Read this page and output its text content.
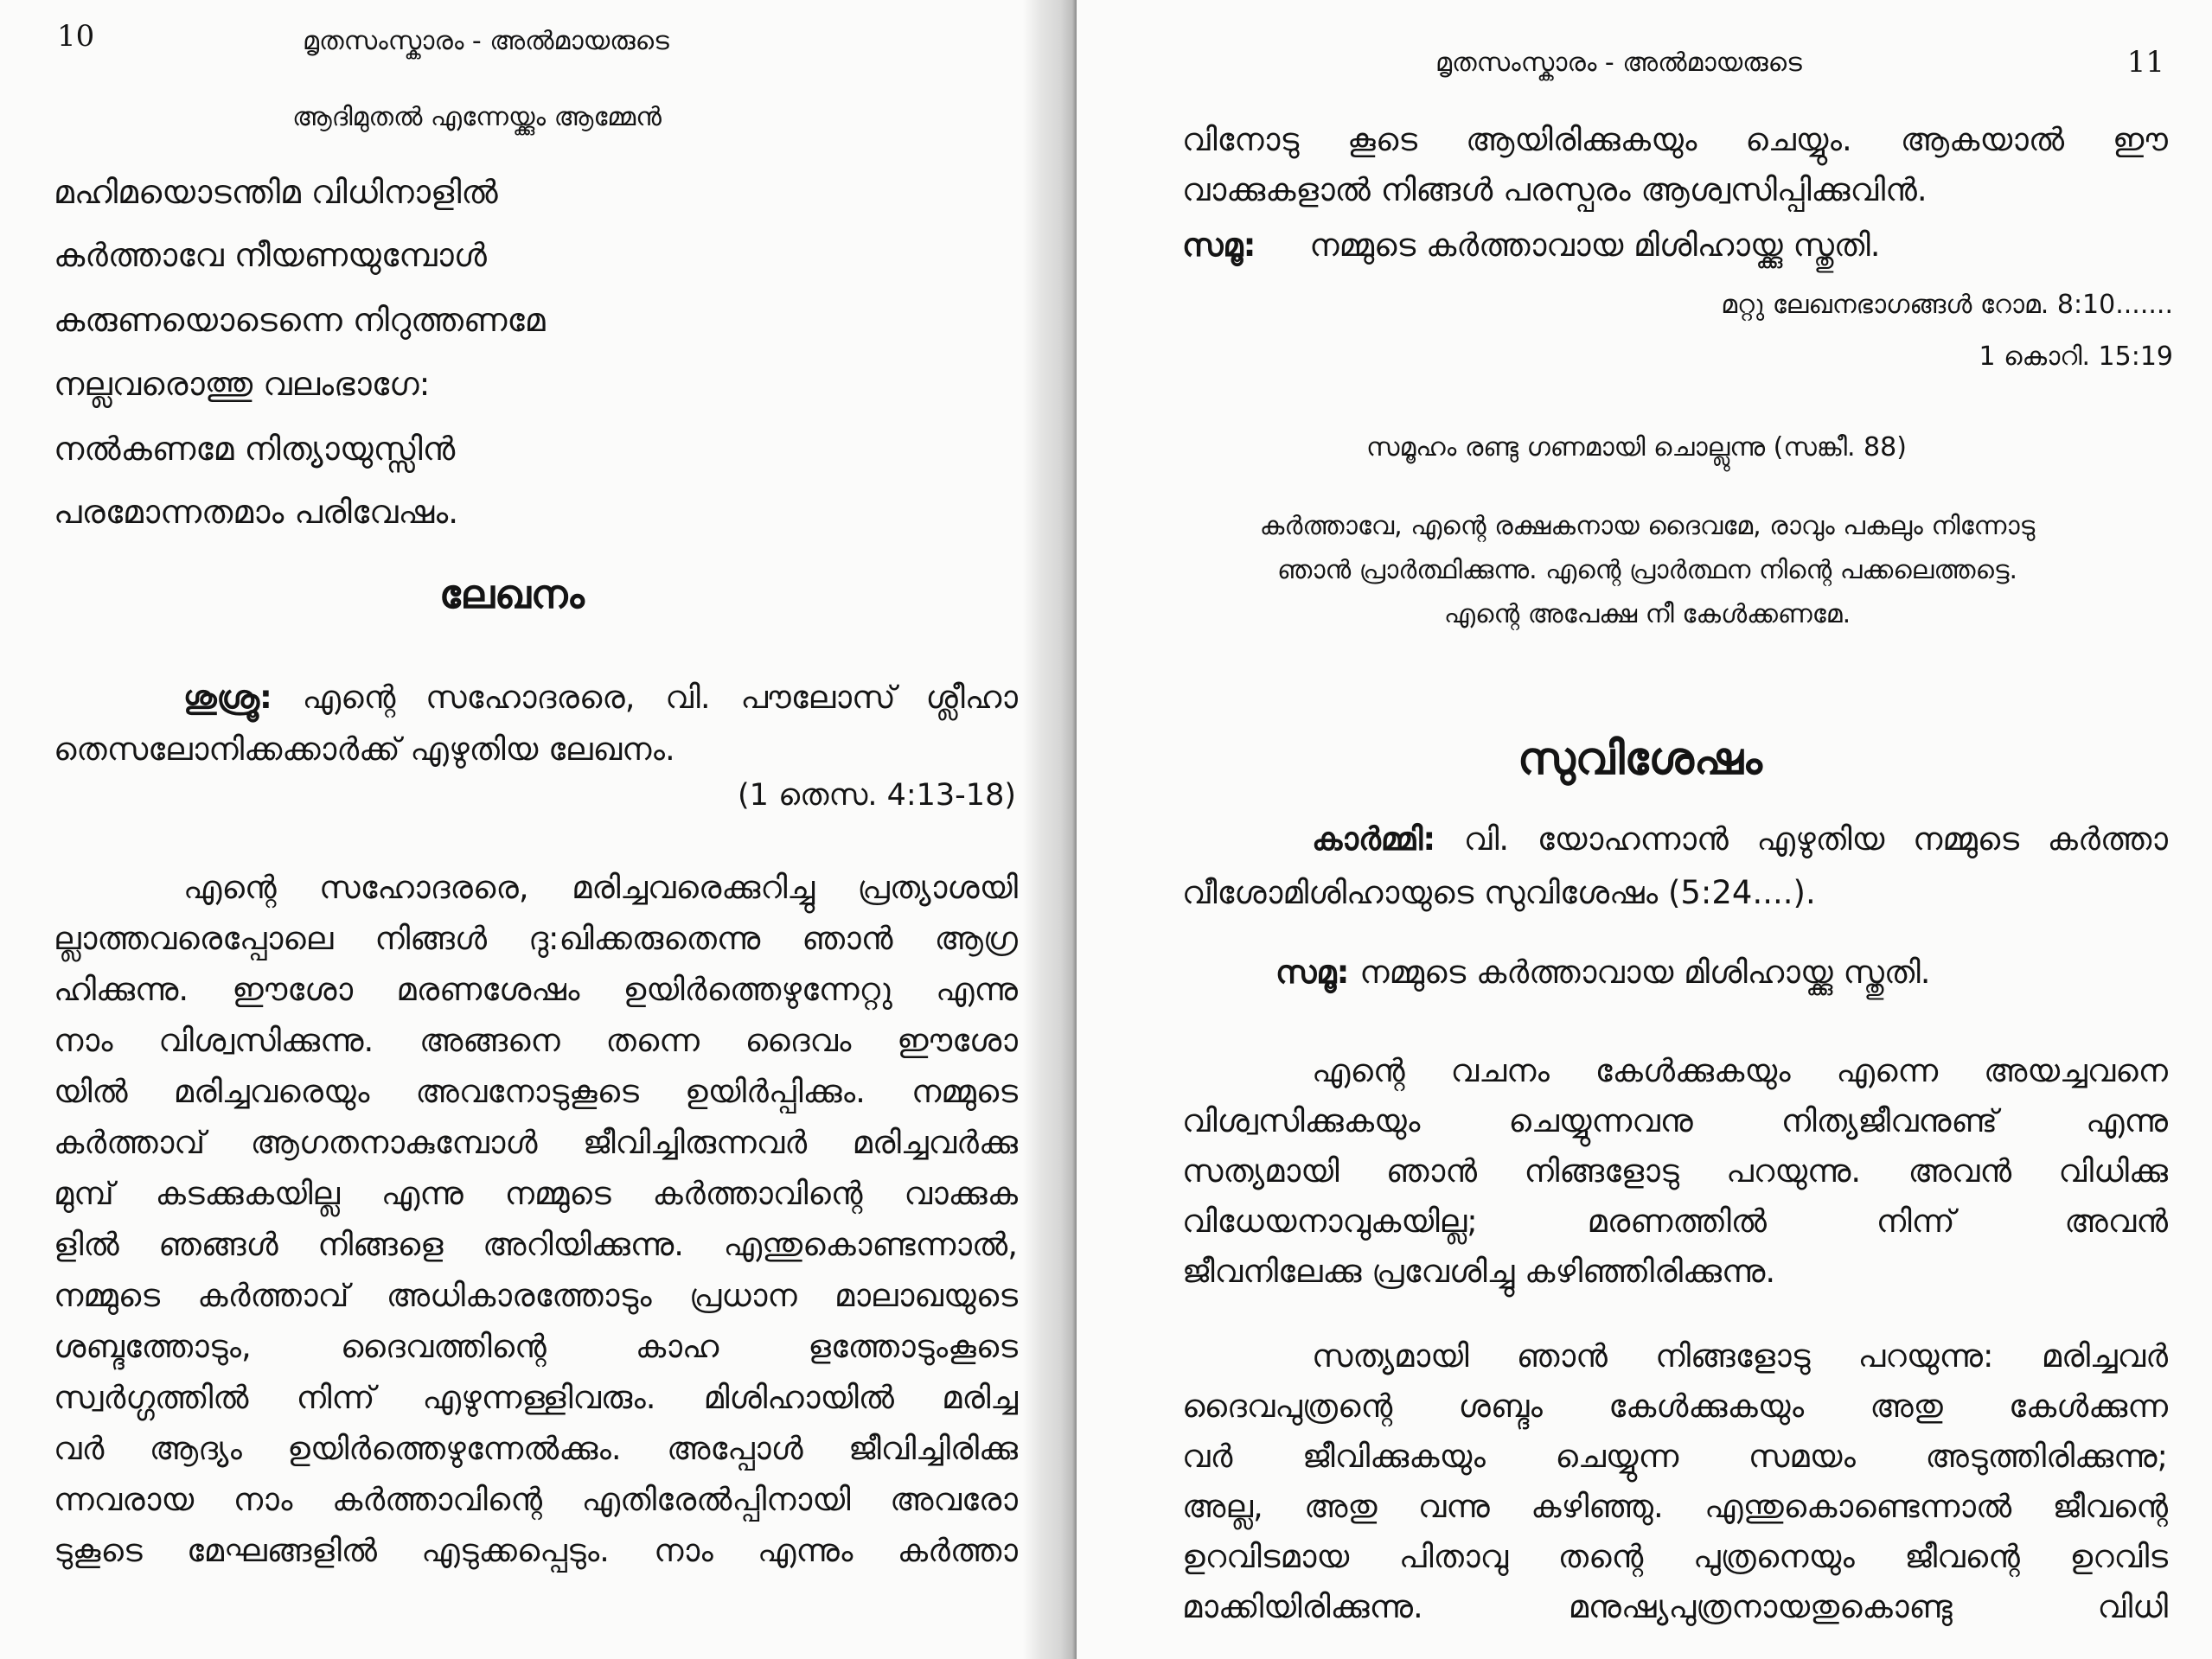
10	മൃതസംസ്കാരം - അൽമായരുടെ
ആദിമുതൽ എന്നേയ്ക്കും ആമ്മേൻ
മഹിമയൊടന്തിമ വിധിനാളിൽ
കർത്താവേ നീയണയുമ്പോൾ
കരുണയൊടെന്നെ നിറുത്തണമേ
നല്ലവരൊത്തു വലംഭാഗേ:
നൽകണമേ നിത്യായുസ്സിൻ
പരമോന്നതമാം പരിവേഷം.
ലേഖനം
ശുശ്രൂ: എന്റെ സഹോദരരെ, വി. പൗലോസ് ശ്ലീഹാ
തെസലോനിക്കക്കാർക്ക് എഴുതിയ ലേഖനം.
(1 തെസ. 4:13-18)
എന്റെ സഹോദരരെ, മരിച്ചവരെക്കുറിച്ചു പ്രത്യാശയി
ല്ലാത്തവരെപ്പോലെ നിങ്ങൾ ദു:ഖിക്കരുതെന്നു ഞാൻ ആഗ്ര
ഹിക്കുന്നു. ഈശോ മരണശേഷം ഉയിർത്തെഴുന്നേറ്റു എന്നു
നാം വിശ്വസിക്കുന്നു. അങ്ങനെ തന്നെ ദൈവം ഈശോ
യിൽ മരിച്ചവരെയും അവനോടുകൂടെ ഉയിർപ്പിക്കും. നമ്മുടെ
കർത്താവ് ആഗതനാകുമ്പോൾ ജീവിച്ചിരുന്നവർ മരിച്ചവർക്കു
മുമ്പ് കടക്കുകയില്ല എന്നു നമ്മുടെ കർത്താവിന്റെ വാക്കുക
ളിൽ ഞങ്ങൾ നിങ്ങളെ അറിയിക്കുന്നു. എന്തുകൊണ്ടന്നാൽ,
നമ്മുടെ കർത്താവ് അധികാരത്തോടും പ്രധാന മാലാഖയുടെ
ശബ്ദത്തോടും, ദൈവത്തിന്റെ കാഹ ളത്തോടുംകൂടെ
സ്വർഗ്ഗത്തിൽ നിന്ന് എഴുന്നള്ളിവരും. മിശിഹായിൽ മരിച്ച
വർ ആദ്യം ഉയിർത്തെഴുന്നേൽക്കും. അപ്പോൾ ജീവിച്ചിരിക്കു
ന്നവരായ നാം കർത്താവിന്റെ എതിരേൽപ്പിനായി അവരോ
ടുകൂടെ മേഘങ്ങളിൽ എടുക്കപ്പെടും. നാം എന്നും കർത്താ
മൃതസംസ്കാരം - അൽമായരുടെ	11
വിനോടു കൂടെ ആയിരിക്കുകയും ചെയ്യും. ആകയാൽ ഈ
വാക്കുകളാൽ നിങ്ങൾ പരസ്പരം ആശ്വസിപ്പിക്കുവിൻ.
സമൂ: നമ്മുടെ കർത്താവായ മിശിഹായ്ക്കു സ്തുതി.
മറ്റു ലേഖനഭാഗങ്ങൾ റോമ. 8:10.......
1 കൊറി. 15:19
സമൂഹം രണ്ടു ഗണമായി ചൊല്ലുന്നു (സങ്കീ. 88)
കർത്താവേ, എന്റെ രക്ഷകനായ ദൈവമേ, രാവും പകലും നിന്നോടു
ഞാൻ പ്രാർത്ഥിക്കുന്നു. എന്റെ പ്രാർത്ഥന നിന്റെ പക്കലെത്തട്ടെ.
എന്റെ അപേക്ഷ നീ കേൾക്കണമേ.
സുവിശേഷം
കാർമ്മി: വി. യോഹന്നാൻ എഴുതിയ നമ്മുടെ കർത്താ
വീശോമിശിഹായുടെ സുവിശേഷം (5:24....).
സമൂ: നമ്മുടെ കർത്താവായ മിശിഹായ്ക്കു സ്തുതി.
എന്റെ വചനം കേൾക്കുകയും എന്നെ അയച്ചവനെ
വിശ്വസിക്കുകയും ചെയ്യുന്നവനു നിത്യജീവനുണ്ട് എന്നു
സത്യമായി ഞാൻ നിങ്ങളോടു പറയുന്നു. അവൻ വിധിക്കു
വിധേയനാവുകയില്ല; മരണത്തിൽ നിന്ന് അവൻ
ജീവനിലേക്കു പ്രവേശിച്ചു കഴിഞ്ഞിരിക്കുന്നു.
സത്യമായി ഞാൻ നിങ്ങളോടു പറയുന്നു: മരിച്ചവർ
ദൈവപുത്രന്റെ ശബ്ദം കേൾക്കുകയും അതു കേൾക്കുന്ന
വർ ജീവിക്കുകയും ചെയ്യുന്ന സമയം അടുത്തിരിക്കുന്നു;
അല്ല, അതു വന്നു കഴിഞ്ഞു. എന്തുകൊണ്ടെന്നാൽ ജീവന്റെ
ഉറവിടമായ പിതാവു തന്റെ പുത്രനെയും ജീവന്റെ ഉറവിട
മാക്കിയിരിക്കുന്നു. മനുഷ്യപുത്രനായതുകൊണ്ടു വിധി
